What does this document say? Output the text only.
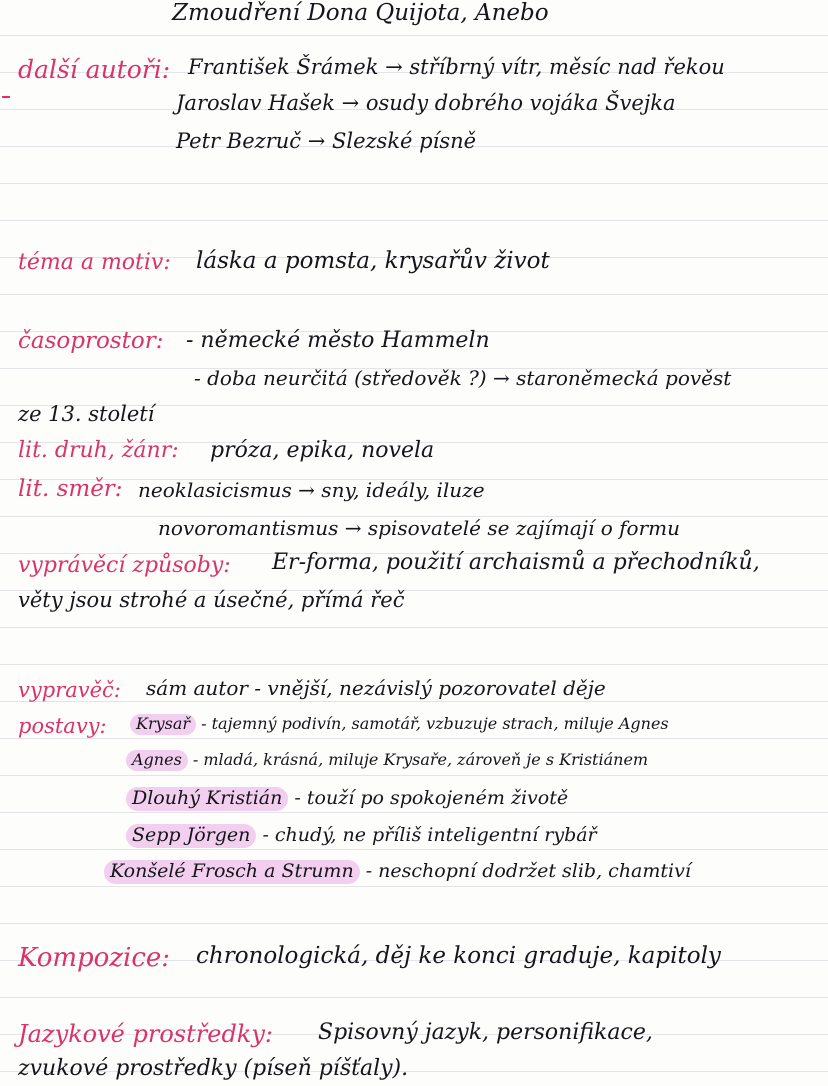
Zmoudření Dona Quijota, Anebo
další autoři: František Šrámek → stříbrný vítr, měsíc nad řekou
Jaroslav Hašek → osudy dobrého vojáka Švejka
Petr Bezruč → Slezské písně
téma a motiv: láska a pomsta, krysařův život
časoprostor: - německé město Hammeln
- doba neurčitá (středověk ?) → staroněmecká pověst
ze 13. století
lit. druh, žánr: próza, epika, novela
lit. směr: neoklasicismus → sny, ideály, iluze
novoromantismus → spisovatelé se zajímají o formu
vyprávěcí způsoby: Er-forma, použití archaismů a přechodníků,
věty jsou strohé a úsečné, přímá řeč
vypravěč: sám autor - vnější, nezávislý pozorovatel děje
postavy: Krysař - tajemný podivín, samotář, vzbuzuje strach, miluje Agnes
Agnes - mladá, krásná, miluje Krysaře, zároveň je s Kristiánem
Dlouhý Kristián - touží po spokojeném životě
Sepp Jörgen - chudý, ne příliš inteligentní rybář
Konšelé Frosch a Strumn - neschopní dodržet slib, chamtiví
Kompozice: chronologická, děj ke konci graduje, kapitoly
Jazykové prostředky: Spisovný jazyk, personifikace,
zvukové prostředky (píseň píšťaly).
